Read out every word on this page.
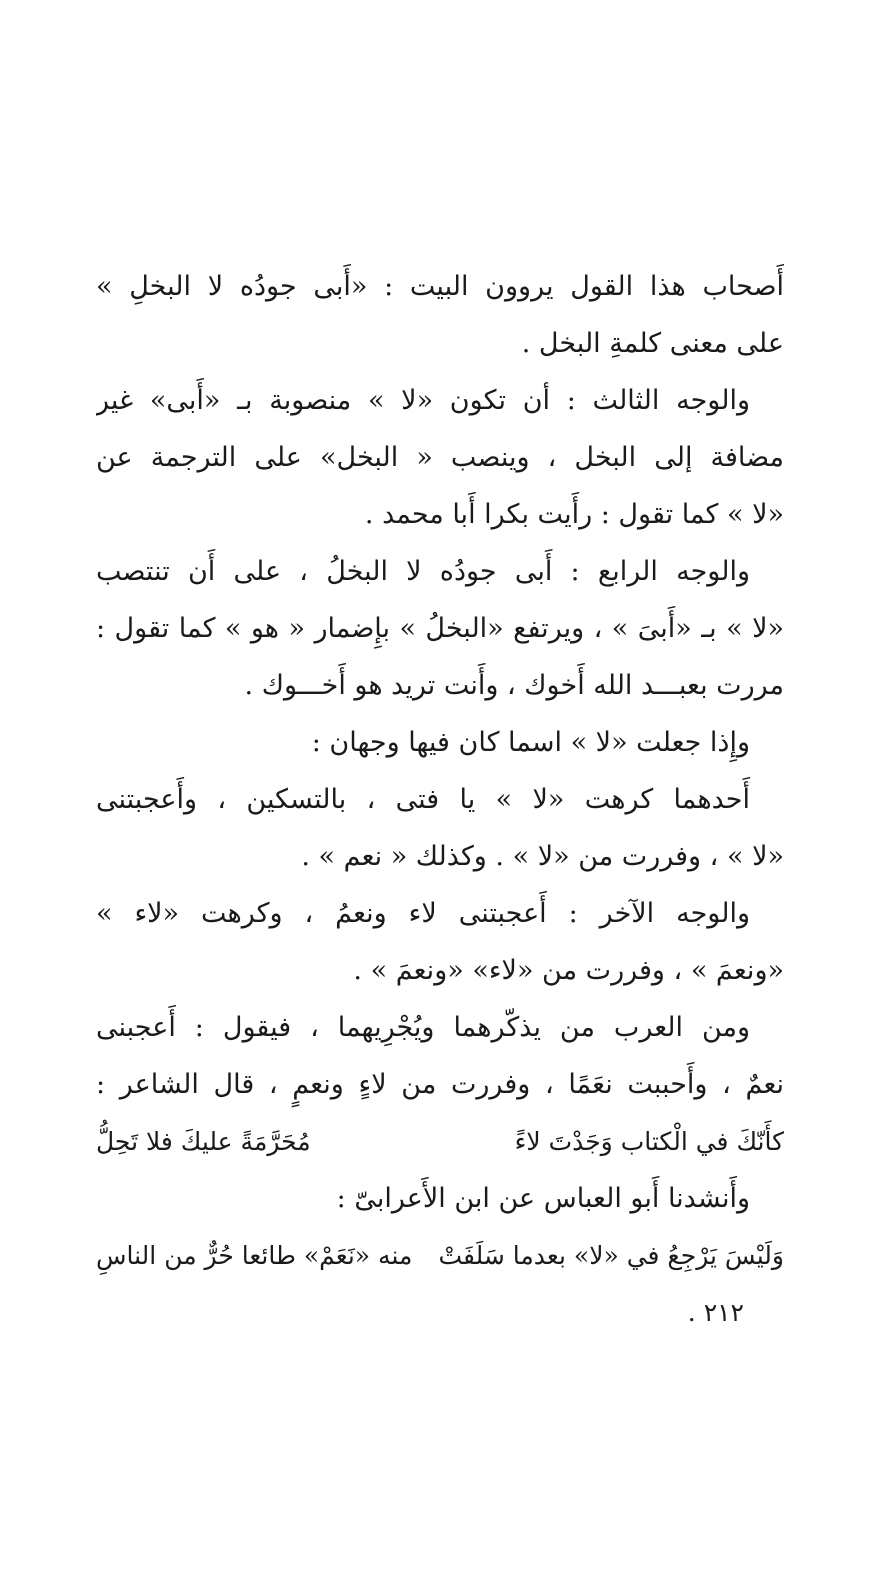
أَصحاب هذا القول يروون البيت : «أَبى جودُه لا البخلِ »
على معنى كلمةِ البخل .
والوجه الثالث : أن تكون «لا » منصوبة بـ «أَبى» غير
مضافة إلى البخل ، وينصب « البخل» على الترجمة عن
«لا » كما تقول : رأَيت بكرا أَبا محمد .
والوجه الرابع : أَبى جودُه لا البخلُ ، على أَن تنتصب
«لا » بـ «أَبىَ » ، ويرتفع «البخلُ » بإِضمار « هو » كما تقول :
مررت بعبـــد الله أَخوك ، وأَنت تريد هو أَخـــوك .
وإِذا جعلت «لا » اسما كان فيها وجهان :
أَحدهما كرهت «لا » يا فتى ، بالتسكين ، وأَعجبتنى
«لا » ، وفررت من «لا » . وكذلك « نعم » .
والوجه الآخر : أَعجبتنى لاء ونعمُ ، وكرهت «لاء »
«ونعمَ » ، وفررت من «لاء» «ونعمَ » .
ومن العرب من يذكّرهما ويُجْرِيهما ، فيقول : أَعجبنى
نعمٌ ، وأَحببت نعَمًا ، وفررت من لاءٍ ونعمٍ ، قال الشاعر :
كأَنّكَ في الْكتاب وَجَدْتَ لاءً
مُحَرَّمَةً عليكَ فلا تَحِلُّ
وأَنشدنا أَبو العباس عن ابن الأَعرابىّ :
وَلَيْسَ يَرْجِعُ في «لا» بعدما سَلَفَتْ
منه «نَعَمْ» طائعا حُرٌّ من الناسِ
٢١٢ .
